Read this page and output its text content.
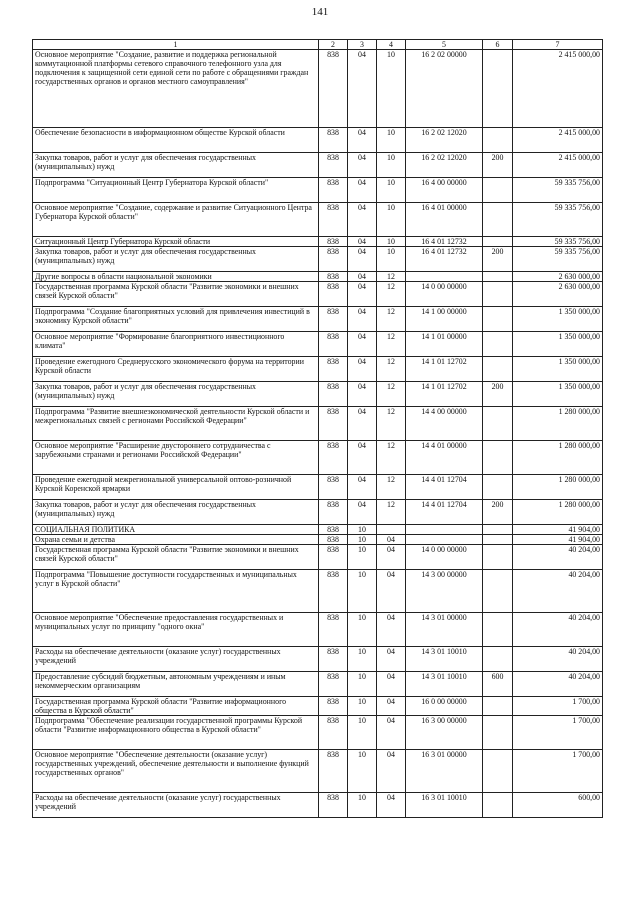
141
1	2	3	4	5	6	7
Основное мероприятие "Создание, развитие и поддержка региональной коммутационной платформы сетевого справочного телефонного узла для подключения к защищенной сети единой сети по работе с обращениями граждан государственных органов и органов местного самоуправления"	838	04	10	16 2 02 00000		2 415 000,00
Обеспечение безопасности в информационном обществе Курской области	838	04	10	16 2 02 12020		2 415 000,00
Закупка товаров, работ и услуг для обеспечения государственных (муниципальных) нужд	838	04	10	16 2 02 12020	200	2 415 000,00
Подпрограмма "Ситуационный Центр Губернатора Курской области"	838	04	10	16 4 00 00000		59 335 756,00
Основное мероприятие "Создание, содержание и развитие Ситуационного Центра Губернатора Курской области"	838	04	10	16 4 01 00000		59 335 756,00
Ситуационный Центр Губернатора Курской области	838	04	10	16 4 01 12732		59 335 756,00
Закупка товаров, работ и услуг для обеспечения государственных (муниципальных) нужд	838	04	10	16 4 01 12732	200	59 335 756,00
Другие вопросы в области национальной экономики	838	04	12			2 630 000,00
Государственная программа Курской области "Развитие экономики и внешних связей Курской области"	838	04	12	14 0 00 00000		2 630 000,00
Подпрограмма "Создание благоприятных условий для привлечения инвестиций в экономику Курской области"	838	04	12	14 1 00 00000		1 350 000,00
Основное мероприятие "Формирование благоприятного инвестиционного климата"	838	04	12	14 1 01 00000		1 350 000,00
Проведение ежегодного Среднерусского экономического форума на территории Курской области	838	04	12	14 1 01 12702		1 350 000,00
Закупка товаров, работ и услуг для обеспечения государственных (муниципальных) нужд	838	04	12	14 1 01 12702	200	1 350 000,00
Подпрограмма "Развитие внешнеэкономической деятельности Курской области и межрегиональных связей с регионами Российской Федерации"	838	04	12	14 4 00 00000		1 280 000,00
Основное мероприятие "Расширение двустороннего сотрудничества с зарубежными странами и регионами Российской Федерации"	838	04	12	14 4 01 00000		1 280 000,00
Проведение ежегодной межрегиональной универсальной оптово-розничной Курской Коренской ярмарки	838	04	12	14 4 01 12704		1 280 000,00
Закупка товаров, работ и услуг для обеспечения государственных (муниципальных) нужд	838	04	12	14 4 01 12704	200	1 280 000,00
СОЦИАЛЬНАЯ ПОЛИТИКА	838	10				41 904,00
Охрана семьи и детства	838	10	04			41 904,00
Государственная программа Курской области "Развитие экономики и внешних связей Курской области"	838	10	04	14 0 00 00000		40 204,00
Подпрограмма "Повышение доступности государственных и муниципальных услуг в Курской области"	838	10	04	14 3 00 00000		40 204,00
Основное мероприятие "Обеспечение предоставления государственных и муниципальных услуг по принципу "одного окна"	838	10	04	14 3 01 00000		40 204,00
Расходы на обеспечение деятельности (оказание услуг) государственных учреждений	838	10	04	14 3 01 10010		40 204,00
Предоставление субсидий бюджетным, автономным учреждениям и иным некоммерческим организациям	838	10	04	14 3 01 10010	600	40 204,00
Государственная программа Курской области "Развитие информационного общества в Курской области"	838	10	04	16 0 00 00000		1 700,00
Подпрограмма "Обеспечение реализации государственной программы Курской области "Развитие информационного общества в Курской области"	838	10	04	16 3 00 00000		1 700,00
Основное мероприятие "Обеспечение деятельности (оказание услуг) государственных учреждений, обеспечение деятельности и выполнение функций государственных органов"	838	10	04	16 3 01 00000		1 700,00
Расходы на обеспечение деятельности (оказание услуг) государственных учреждений	838	10	04	16 3 01 10010		600,00
